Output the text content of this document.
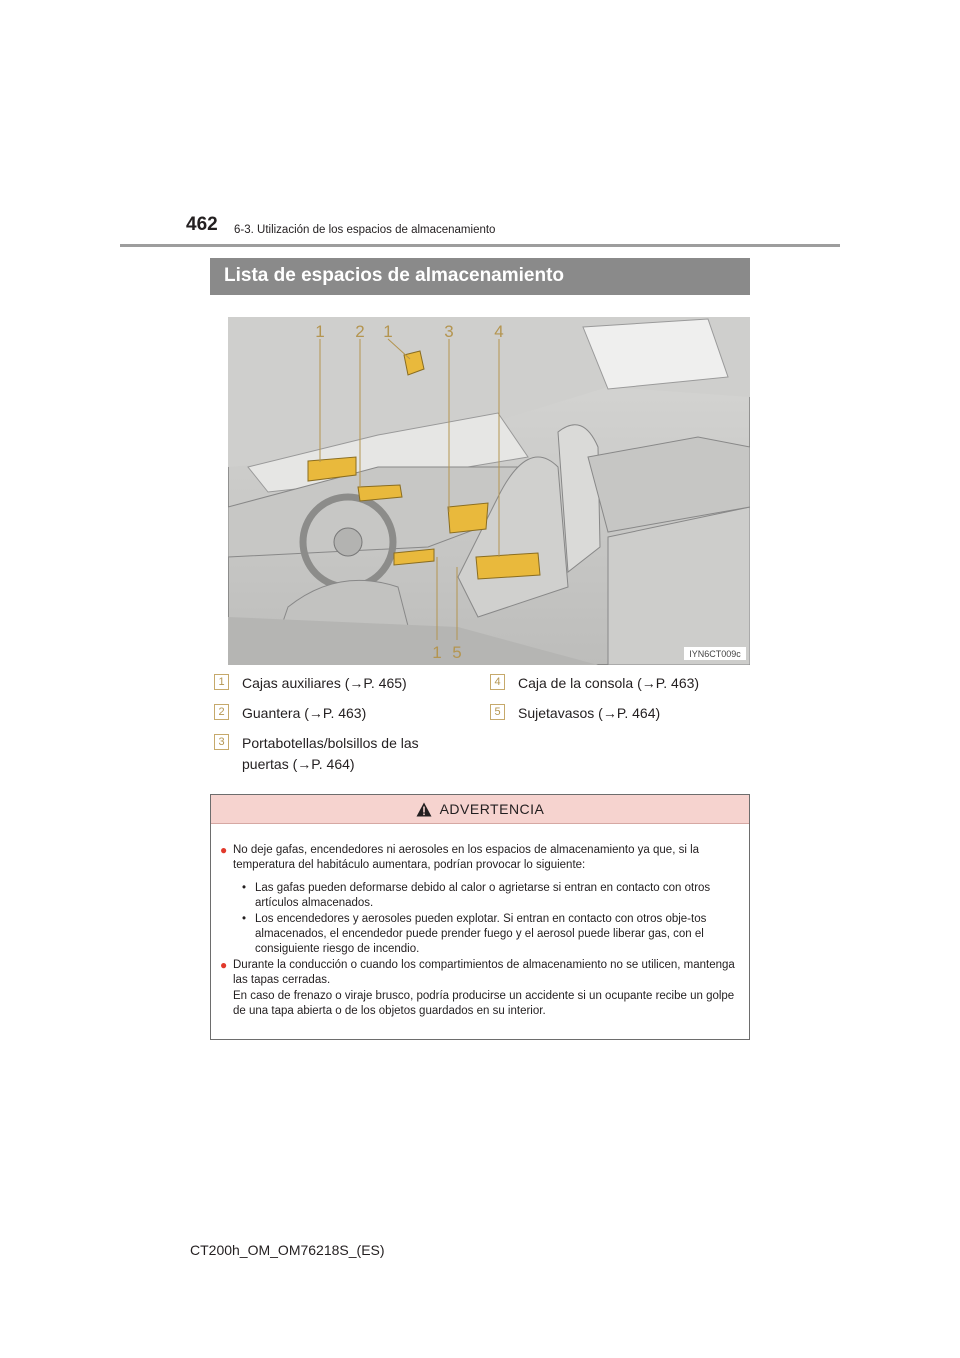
462 6-3. Utilización de los espacios de almacenamiento
Lista de espacios de almacenamiento
1 2 1	3 4
1 5	IYN6CT009c
1	Cajas auxiliares (→P. 465)
2	Guantera (→P. 463)
3	Portabotellas/bolsillos de las
puertas (→P. 464)
4	Caja de la consola (→P. 463)
5	Sujetavasos (→P. 464)
ADVERTENCIA
● No deje gafas, encendedores ni aerosoles en los espacios de almacenamiento ya que, si la temperatura del habitáculo aumentara, podrían provocar lo siguiente:
• Las gafas pueden deformarse debido al calor o agrietarse si entran en contacto con otros artículos almacenados.
• Los encendedores y aerosoles pueden explotar. Si entran en contacto con otros obje-tos almacenados, el encendedor puede prender fuego y el aerosol puede liberar gas, con el consiguiente riesgo de incendio.
● Durante la conducción o cuando los compartimientos de almacenamiento no se utilicen, mantenga las tapas cerradas.
En caso de frenazo o viraje brusco, podría producirse un accidente si un ocupante recibe un golpe de una tapa abierta o de los objetos guardados en su interior.
CT200h_OM_OM76218S_(ES)
